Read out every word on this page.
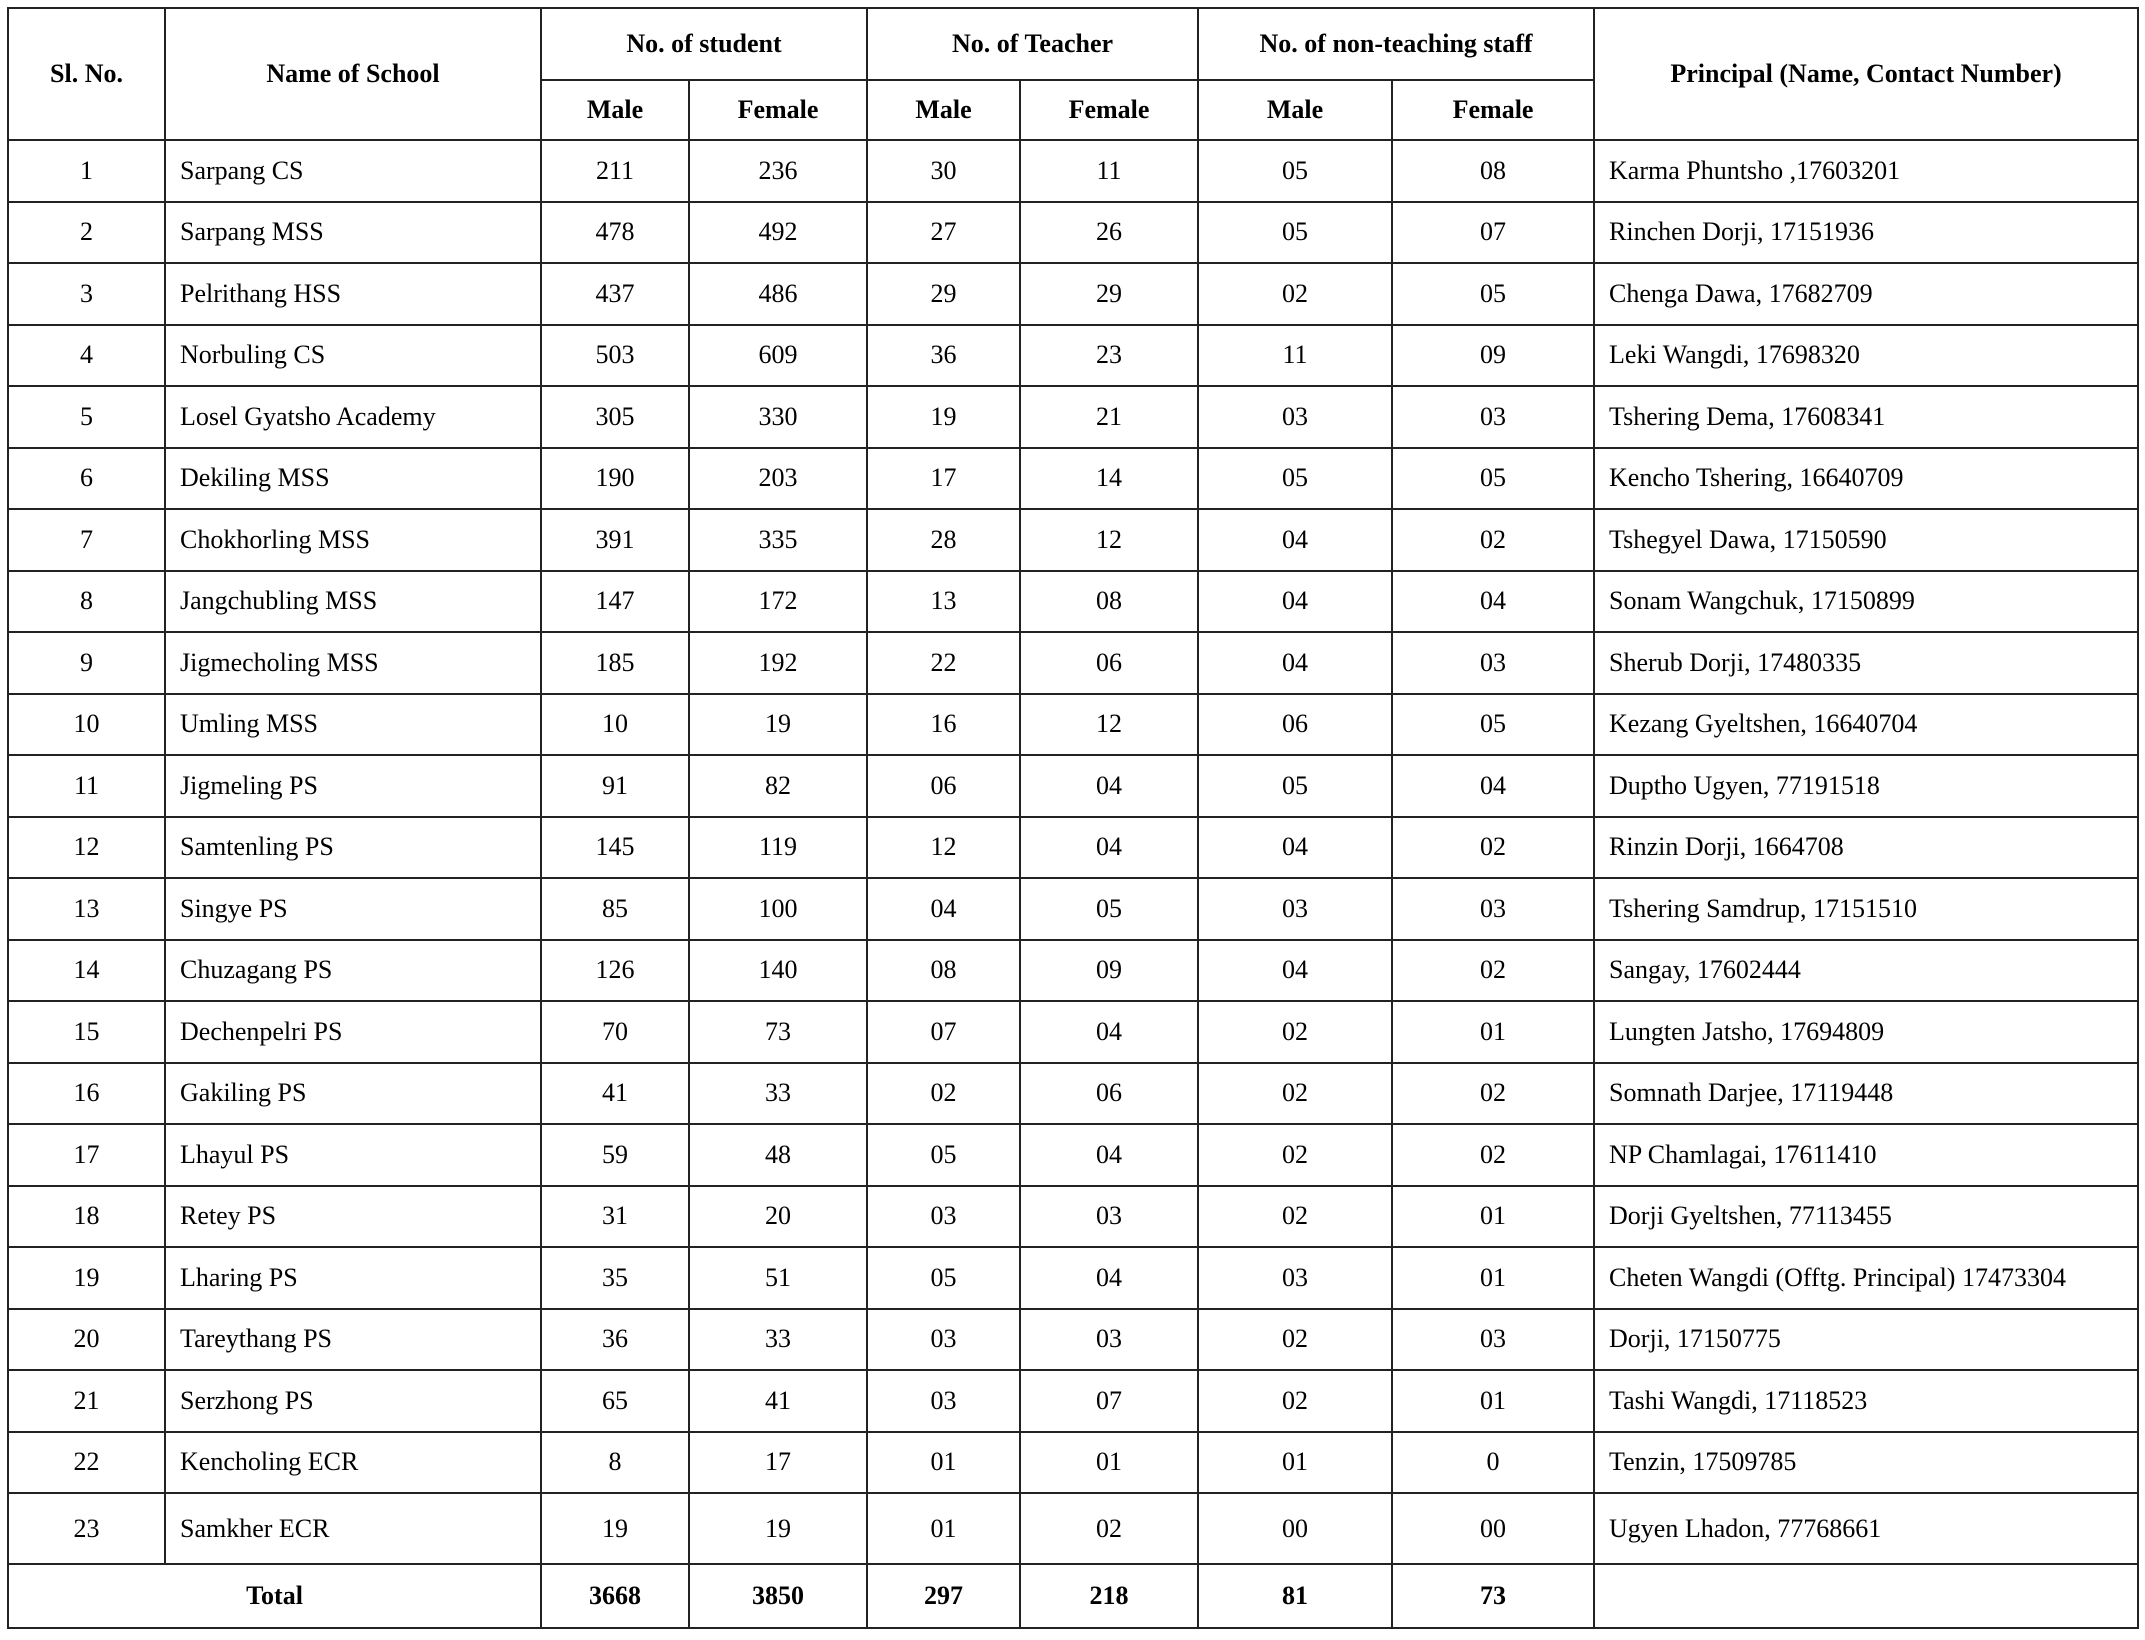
Sl. No.	Name of School	No. of student		No. of Teacher		No. of non-teaching staff		Principal (Name, Contact Number)
		Male	Female	Male	Female	Male	Female	
1	Sarpang CS	211	236	30	11	05	08	Karma Phuntsho ,17603201
2	Sarpang MSS	478	492	27	26	05	07	Rinchen Dorji, 17151936
3	Pelrithang HSS	437	486	29	29	02	05	Chenga Dawa, 17682709
4	Norbuling CS	503	609	36	23	11	09	Leki Wangdi, 17698320
5	Losel Gyatsho Academy	305	330	19	21	03	03	Tshering Dema, 17608341
6	Dekiling MSS	190	203	17	14	05	05	Kencho Tshering, 16640709
7	Chokhorling MSS	391	335	28	12	04	02	Tshegyel Dawa, 17150590
8	Jangchubling MSS	147	172	13	08	04	04	Sonam Wangchuk, 17150899
9	Jigmecholing MSS	185	192	22	06	04	03	Sherub Dorji, 17480335
10	Umling MSS	10	19	16	12	06	05	Kezang Gyeltshen, 16640704
11	Jigmeling PS	91	82	06	04	05	04	Duptho Ugyen, 77191518
12	Samtenling PS	145	119	12	04	04	02	Rinzin Dorji, 1664708
13	Singye PS	85	100	04	05	03	03	Tshering Samdrup, 17151510
14	Chuzagang PS	126	140	08	09	04	02	Sangay, 17602444
15	Dechenpelri PS	70	73	07	04	02	01	Lungten Jatsho, 17694809
16	Gakiling PS	41	33	02	06	02	02	Somnath Darjee, 17119448
17	Lhayul PS	59	48	05	04	02	02	NP Chamlagai, 17611410
18	Retey PS	31	20	03	03	02	01	Dorji Gyeltshen, 77113455
19	Lharing PS	35	51	05	04	03	01	Cheten Wangdi (Offtg. Principal) 17473304
20	Tareythang PS	36	33	03	03	02	03	Dorji, 17150775
21	Serzhong PS	65	41	03	07	02	01	Tashi Wangdi, 17118523
22	Kencholing ECR	8	17	01	01	01	0	Tenzin, 17509785
23	Samkher ECR	19	19	01	02	00	00	Ugyen Lhadon, 77768661
Total		3668	3850	297	218	81	73	
